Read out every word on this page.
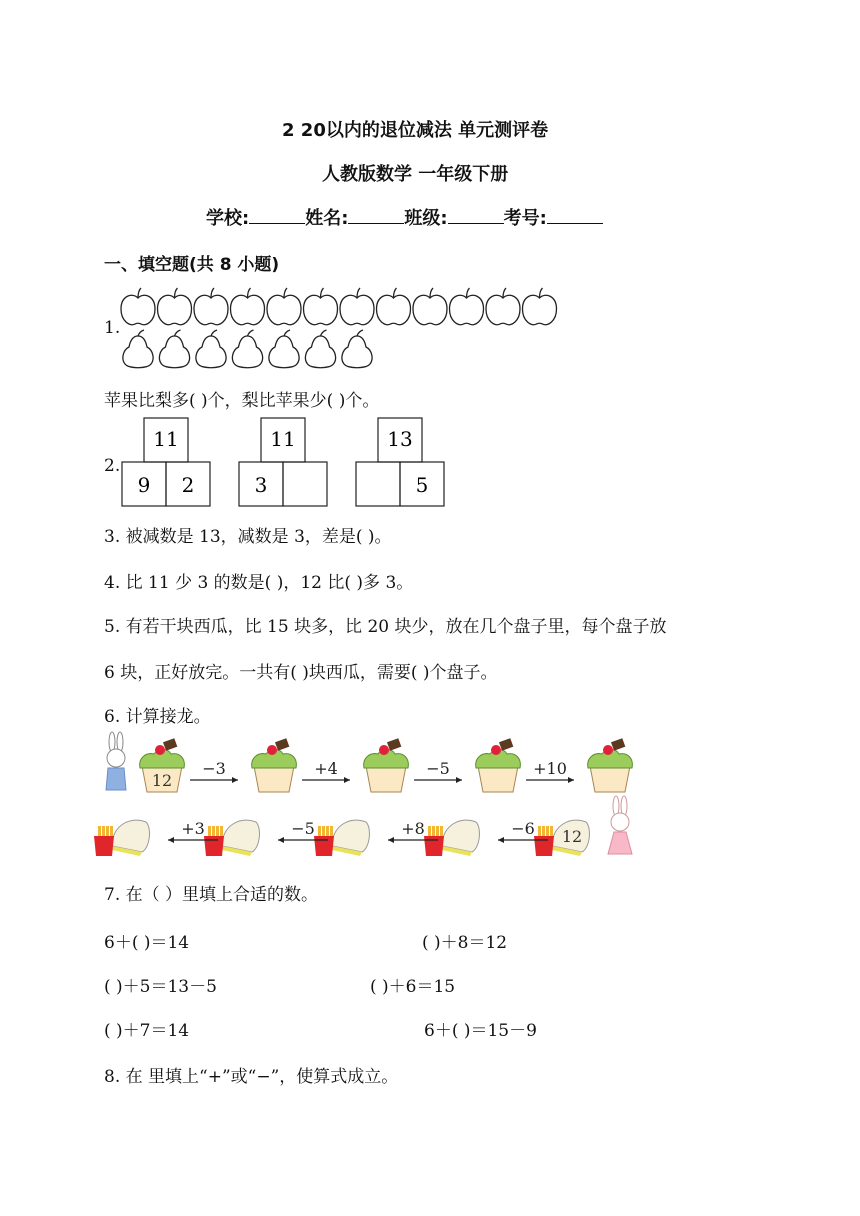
2 20以内的退位减法 单元测评卷
人教版数学 一年级下册
学校:	姓名:	班级:	考号:
一、填空题(共 8 小题)
1.
苹果比梨多( )个，梨比苹果少( )个。
2.
11
9 2
11
3
13
5
3. 被减数是 13，减数是 3，差是( )。
4. 比 11 少 3 的数是( )，12 比( )多 3。
5. 有若干块西瓜，比 15 块多，比 20 块少，放在几个盘子里，每个盘子放
6 块，正好放完。一共有( )块西瓜，需要( )个盘子。
6. 计算接龙。
12
−3	+4	−5	+10
12
+3	−5	+8	−6
7. 在（ ）里填上合适的数。
6＋( )＝14	( )＋8＝12
( )＋5＝13－5	( )＋6＝15
( )＋7＝14	6＋( )＝15－9
8. 在 里填上“+”或“−”，使算式成立。
